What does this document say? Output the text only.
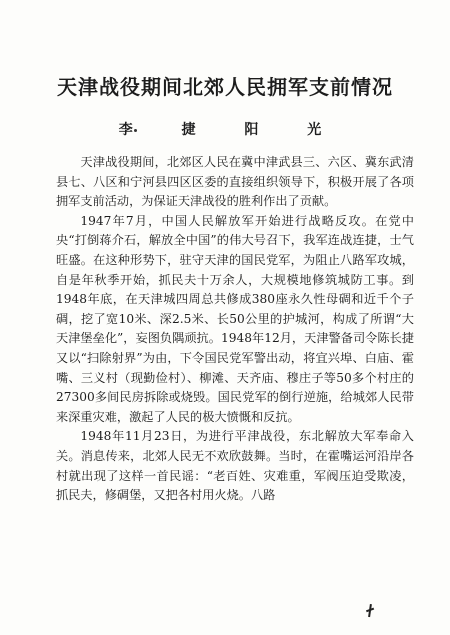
天津战役期间北郊人民拥军支前情况
李 捷 阳 光

天津战役期间，北郊区人民在冀中津武县三、六区、冀东武清县七、八区和宁河县四区区委的直接组织领导下，积极开展了各项拥军支前活动，为保证天津战役的胜利作出了贡献。

1947年7月，中国人民解放军开始进行战略反攻。在党中央“打倒蒋介石，解放全中国”的伟大号召下，我军连战连捷，士气旺盛。在这种形势下，驻守天津的国民党军，为阻止八路军攻城，自是年秋季开始，抓民夫十万余人，大规模地修筑城防工事。到1948年底，在天津城四周总共修成380座永久性母碉和近千个子碉，挖了宽10米、深2.5米、长50公里的护城河，构成了所谓“大天津堡垒化”，妄图负隅顽抗。1948年12月，天津警备司令陈长捷又以“扫除射界”为由，下令国民党军警出动，将宜兴埠、白庙、霍嘴、三义村（现勤俭村）、柳滩、天齐庙、穆庄子等50多个村庄的27300多间民房拆除或烧毁。国民党军的倒行逆施，给城郊人民带来深重灾难，激起了人民的极大愤慨和反抗。

1948年11月23日，为进行平津战役，东北解放大军奉命入关。消息传来，北郊人民无不欢欣鼓舞。当时，在霍嘴运河沿岸各村就出现了这样一首民谣：“老百姓、灾难重，军阀压迫受欺凌，抓民夫，修碉堡，又把各村用火烧。八路
